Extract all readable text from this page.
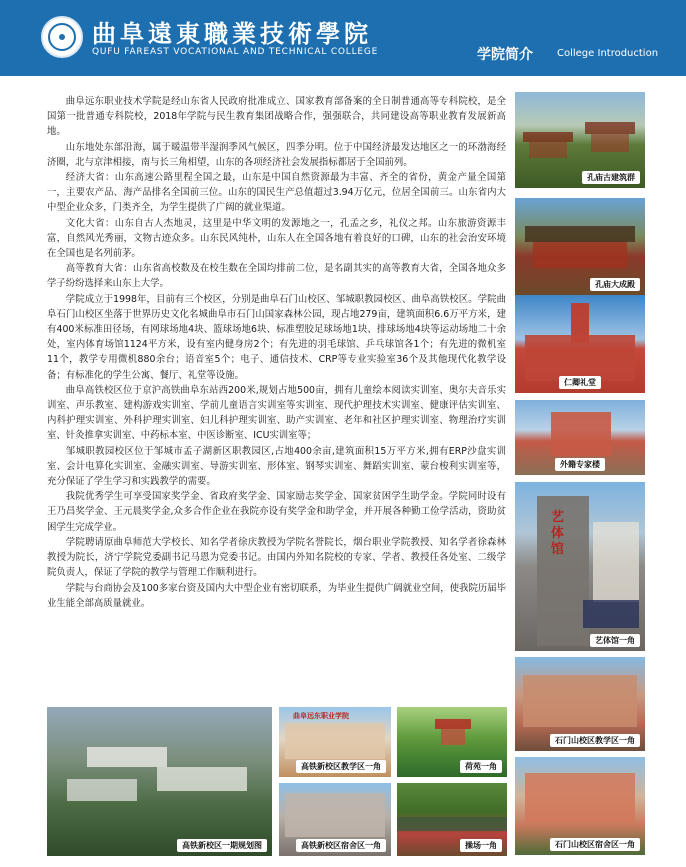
曲阜遠東職業技術學院
QUFU FAREAST VOCATIONAL AND TECHNICAL COLLEGE	学院简介 College Introduction

曲阜远东职业技术学院是经山东省人民政府批准成立、国家教育部备案的全日制普通高等专科院校，是全国第一批普通专科院校，2018年学院与民生教育集团战略合作，强强联合，共同建设高等职业教育发展新高地。

山东地处东部沿海，属于暖温带半湿润季风气候区，四季分明。位于中国经济最发达地区之一的环渤海经济圈，北与京津相接，南与长三角相望，山东的各项经济社会发展指标都居于全国前列。

经济大省：山东高速公路里程全国之最，山东是中国自然资源最为丰富、齐全的省份，黄金产量全国第一，主要农产品、海产品排名全国前三位。山东的国民生产总值超过3.94万亿元，位居全国前三。山东省内大中型企业众多，门类齐全，为学生提供了广阔的就业渠道。

文化大省：山东自古人杰地灵，这里是中华文明的发源地之一，孔孟之乡，礼仪之邦。山东旅游资源丰富，自然风光秀丽，文物古迹众多。山东民风纯朴，山东人在全国各地有着良好的口碑，山东的社会治安环境在全国也是名列前茅。

高等教育大省：山东省高校数及在校生数在全国均排前二位，是名副其实的高等教育大省，全国各地众多学子纷纷选择来山东上大学。

学院成立于1998年，目前有三个校区，分别是曲阜石门山校区、邹城职教园校区、曲阜高铁校区。学院曲阜石门山校区坐落于世界历史文化名城曲阜市石门山国家森林公园，现占地279亩，建筑面积6.6万平方米，建有400米标准田径场，有网球场地4块、篮球场地6块、标准塑胶足球场地1块、排球场地4块等运动场地二十余处，室内体育场馆1124平方米，设有室内健身房2个；有先进的羽毛球馆、乒乓球馆各1个；有先进的微机室11个，教学专用微机880余台；语音室5个；电子、通信技术、CRP等专业实验室36个及其他现代化教学设备；有标准化的学生公寓、餐厅、礼堂等设施。

曲阜高铁校区位于京沪高铁曲阜东站西200米,规划占地500亩，拥有儿童绘本阅读实训室、奥尔夫音乐实训室、声乐教室、建构游戏实训室、学前儿童语言实训室等实训室、现代护理技术实训室、健康评估实训室、内科护理实训室、外科护理实训室、妇儿科护理实训室、助产实训室、老年和社区护理实训室、物理治疗实训室、针灸推拿实训室、中药标本室、中医诊断室、ICU实训室等；

邹城职教园校区位于邹城市孟子湖新区职教园区,占地400余亩,建筑面积15万平方米,拥有ERP沙盘实训室、会计电算化实训室、金融实训室、导游实训室、形体室、钢琴实训室、舞蹈实训室、蒙台梭利实训室等，充分保证了学生学习和实践教学的需要。

我院优秀学生可享受国家奖学金、省政府奖学金、国家励志奖学金、国家贫困学生助学金。学院同时设有王乃昌奖学金、王元晨奖学金,众多合作企业在我院亦设有奖学金和助学金，并开展各种勤工俭学活动，资助贫困学生完成学业。

学院聘请原曲阜师范大学校长、知名学者徐庆教授为学院名誉院长，烟台职业学院教授、知名学者徐森林教授为院长，济宁学院党委副书记马恩为党委书记。由国内外知名院校的专家、学者、教授任各处室、二级学院负责人，保证了学院的教学与管理工作顺利进行。

学院与台商协会及100多家台资及国内大中型企业有密切联系，为毕业生提供广阔就业空间，使我院历届毕业生能全部高质量就业。

孔庙古建筑群
孔庙大成殿
仁卿礼堂
外籍专家楼
艺体馆
艺体馆一角
石门山校区教学区一角
石门山校区宿舍区一角
高铁新校区一期规划图
曲阜远东职业学院
高铁新校区教学区一角	荷苑一角
高铁新校区宿舍区一角	操场一角
